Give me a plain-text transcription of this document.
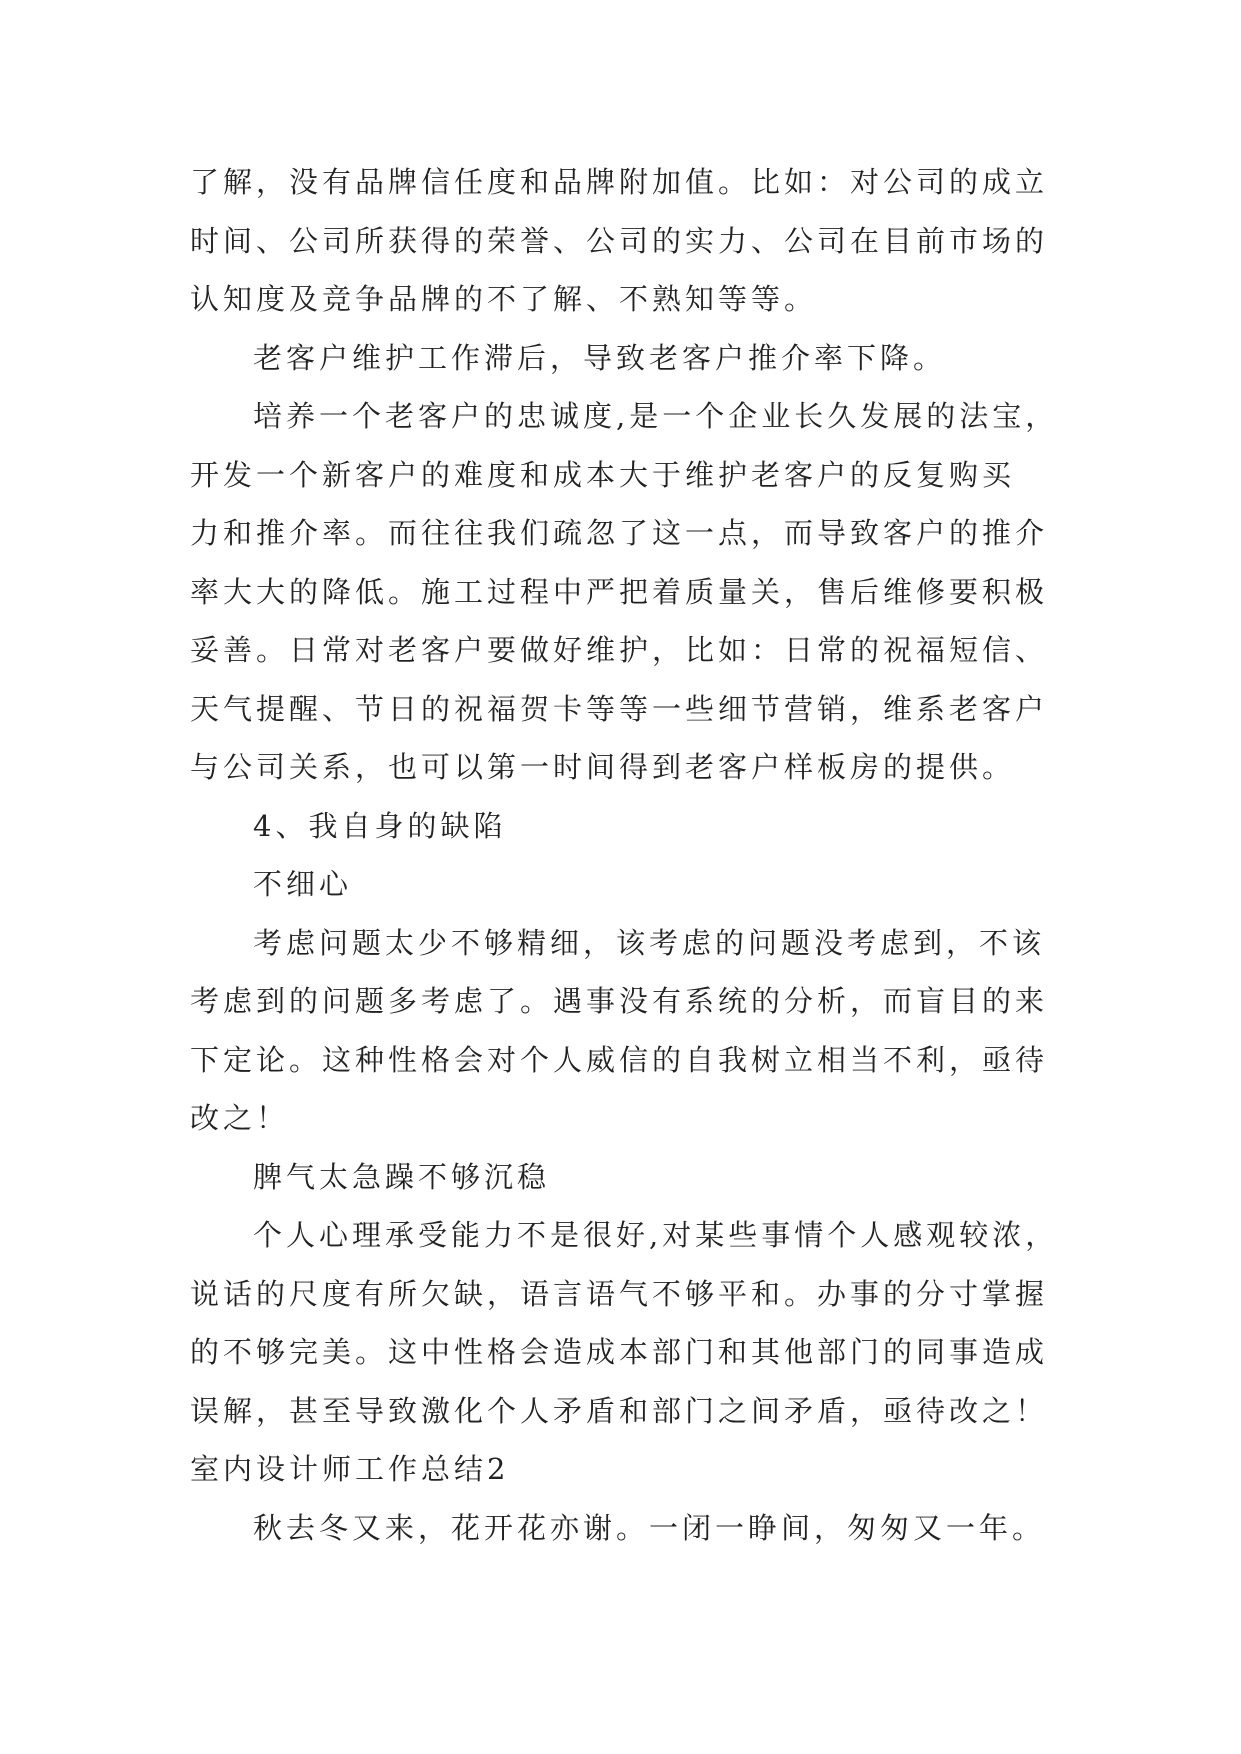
了解，没有品牌信任度和品牌附加值。比如：对公司的成立
时间、公司所获得的荣誉、公司的实力、公司在目前市场的
认知度及竞争品牌的不了解、不熟知等等。
老客户维护工作滞后，导致老客户推介率下降。
培养一个老客户的忠诚度,是一个企业长久发展的法宝，
开发一个新客户的难度和成本大于维护老客户的反复购买
力和推介率。而往往我们疏忽了这一点，而导致客户的推介
率大大的降低。施工过程中严把着质量关，售后维修要积极
妥善。日常对老客户要做好维护，比如：日常的祝福短信、
天气提醒、节日的祝福贺卡等等一些细节营销，维系老客户
与公司关系，也可以第一时间得到老客户样板房的提供。
4、我自身的缺陷
不细心
考虑问题太少不够精细，该考虑的问题没考虑到，不该
考虑到的问题多考虑了。遇事没有系统的分析，而盲目的来
下定论。这种性格会对个人威信的自我树立相当不利，亟待
改之！
脾气太急躁不够沉稳
个人心理承受能力不是很好,对某些事情个人感观较浓，
说话的尺度有所欠缺，语言语气不够平和。办事的分寸掌握
的不够完美。这中性格会造成本部门和其他部门的同事造成
误解，甚至导致激化个人矛盾和部门之间矛盾，亟待改之！
室内设计师工作总结2
秋去冬又来，花开花亦谢。一闭一睁间，匆匆又一年。
